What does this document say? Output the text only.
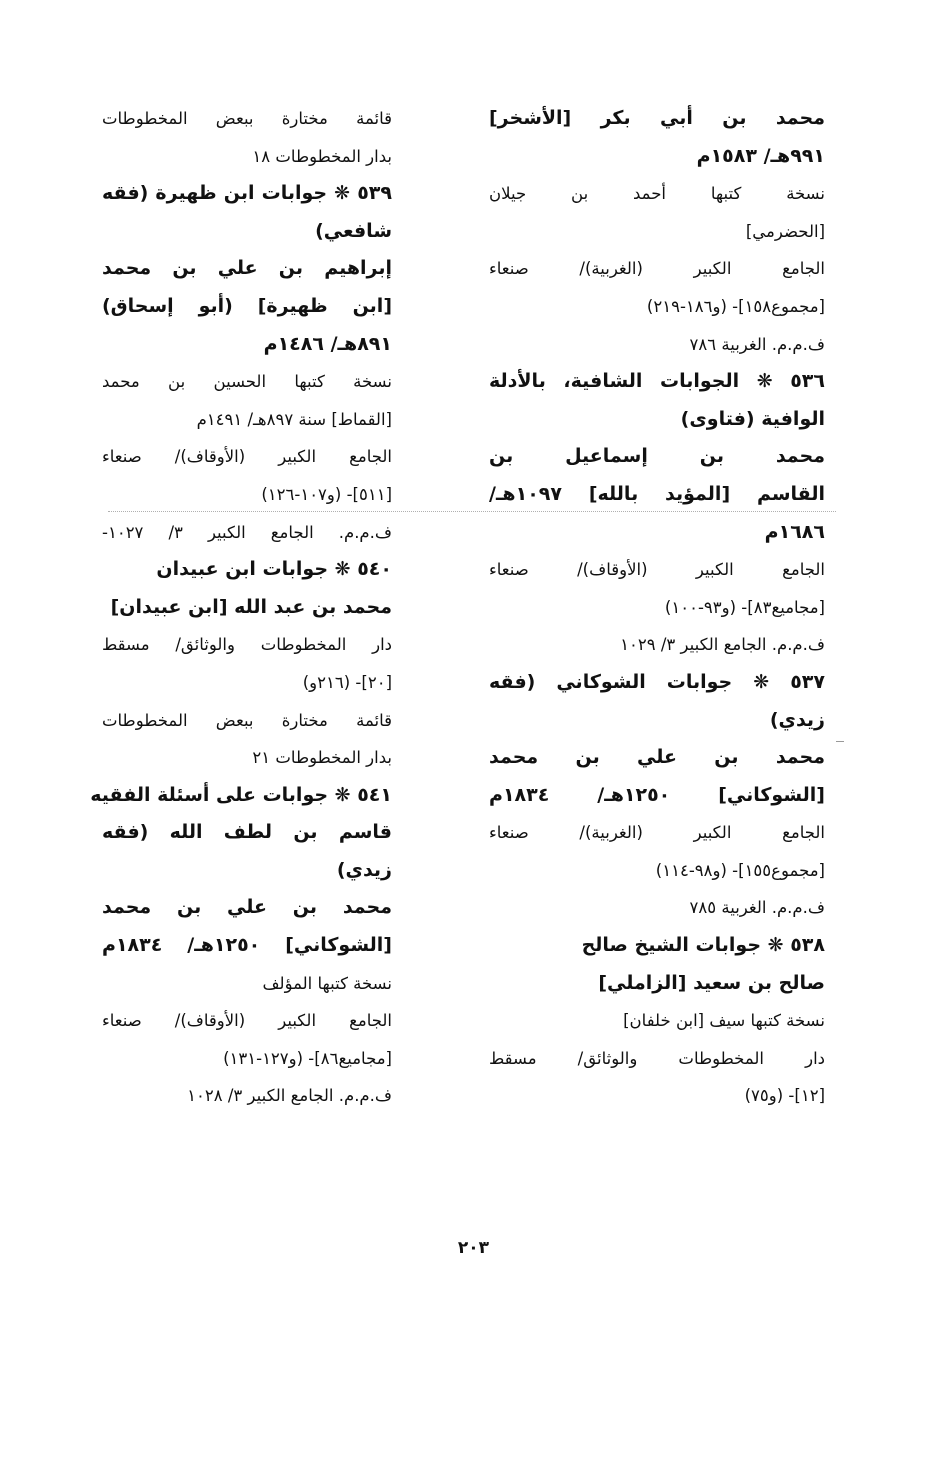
محمد بن أبي بكر [الأشخر]
٩٩١هـ/ ١٥٨٣م
نسخة كتبها أحمد بن جيلان
[الحضرمي]
الجامع الكبير (الغربية)/ صنعاء
[مجموع١٥٨]- (و١٨٦-٢١٩)
ف.م.م. الغربية ٧٨٦
٥٣٦ ❋ الجوابات الشافية، بالأدلة
الوافية (فتاوى)
محمد بن إسماعيل بن
القاسم [المؤيد بالله] ١٠٩٧هـ/
١٦٨٦م
الجامع الكبير (الأوقاف)/ صنعاء
[مجاميع٨٣]- (و٩٣-١٠٠)
ف.م.م. الجامع الكبير ٣/ ١٠٢٩
٥٣٧ ❋ جوابات الشوكاني (فقه
زيدي)
محمد بن علي بن محمد
[الشوكاني] ١٢٥٠هـ/ ١٨٣٤م
الجامع الكبير (الغربية)/ صنعاء
[مجموع١٥٥]- (و٩٨-١١٤)
ف.م.م. الغربية ٧٨٥
٥٣٨ ❋ جوابات الشيخ صالح
صالح بن سعيد [الزاملي]
نسخة كتبها سيف [ابن خلفان]
دار المخطوطات والوثائق/ مسقط
[١٢]- (و٧٥)
قائمة مختارة ببعض المخطوطات
بدار المخطوطات ١٨
٥٣٩ ❋ جوابات ابن ظهيرة (فقه
شافعي)
إبراهيم بن علي بن محمد
[ابن ظهيرة] (أبو إسحاق)
٨٩١هـ/ ١٤٨٦م
نسخة كتبها الحسين بن محمد
[القماط] سنة ٨٩٧هـ/ ١٤٩١م
الجامع الكبير (الأوقاف)/ صنعاء
[٥١١]- (و١٠٧-١٢٦)
ف.م.م. الجامع الكبير ٣/ ١٠٢٧-
٥٤٠ ❋ جوابات ابن عبيدان
محمد بن عبد الله [ابن عبيدان]
دار المخطوطات والوثائق/ مسقط
[٢٠]- (٢١٦و)
قائمة مختارة ببعض المخطوطات
بدار المخطوطات ٢١
٥٤١ ❋ جوابات على أسئلة الفقيه
قاسم بن لطف الله (فقه
زيدي)
محمد بن علي بن محمد
[الشوكاني] ١٢٥٠هـ/ ١٨٣٤م
نسخة كتبها المؤلف
الجامع الكبير (الأوقاف)/ صنعاء
[مجاميع٨٦]- (و١٢٧-١٣١)
ف.م.م. الجامع الكبير ٣/ ١٠٢٨
٢٠٣
